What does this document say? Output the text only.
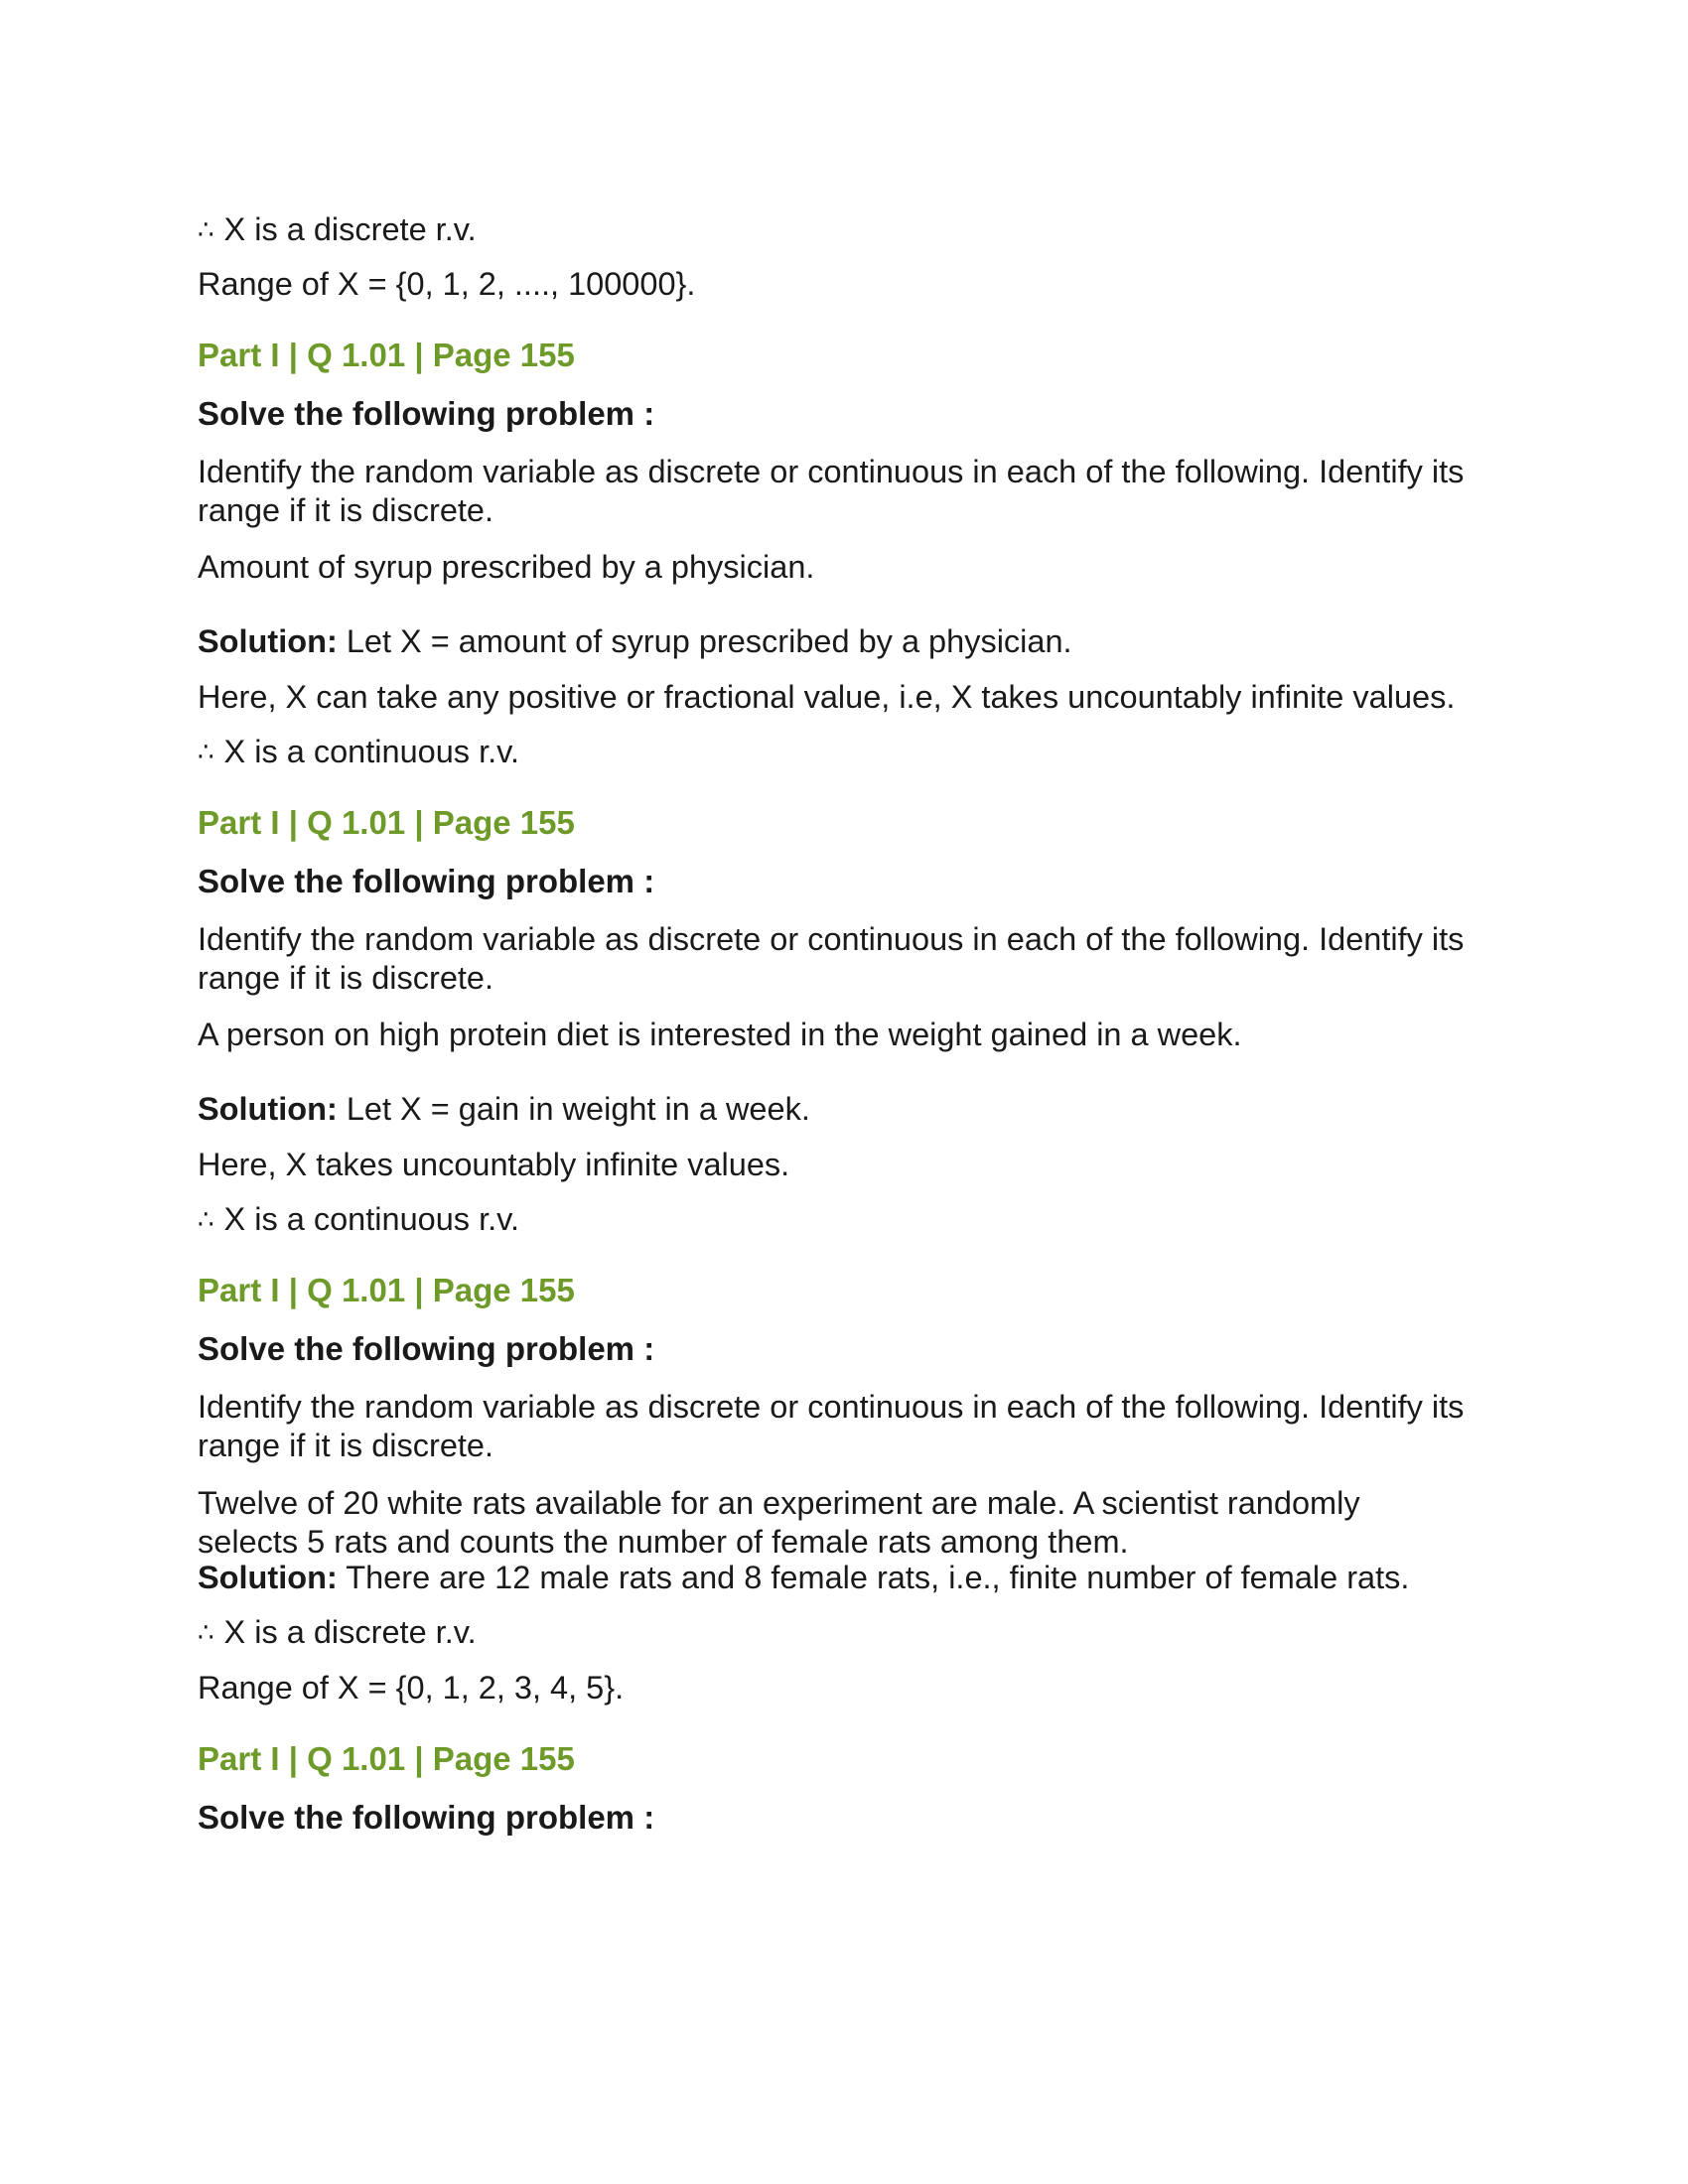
∴ X is a discrete r.v.

Range of X = {0, 1, 2, ...., 100000}.

Part I | Q 1.01 | Page 155

Solve the following problem :

Identify the random variable as discrete or continuous in each of the following. Identify its range if it is discrete.

Amount of syrup prescribed by a physician.

Solution: Let X = amount of syrup prescribed by a physician.

Here, X can take any positive or fractional value, i.e, X takes uncountably infinite values.

∴ X is a continuous r.v.

Part I | Q 1.01 | Page 155

Solve the following problem :

Identify the random variable as discrete or continuous in each of the following. Identify its range if it is discrete.

A person on high protein diet is interested in the weight gained in a week.

Solution: Let X = gain in weight in a week.

Here, X takes uncountably infinite values.

∴ X is a continuous r.v.

Part I | Q 1.01 | Page 155

Solve the following problem :

Identify the random variable as discrete or continuous in each of the following. Identify its range if it is discrete.

Twelve of 20 white rats available for an experiment are male. A scientist randomly selects 5 rats and counts the number of female rats among them.

Solution: There are 12 male rats and 8 female rats, i.e., finite number of female rats.

∴ X is a discrete r.v.

Range of X = {0, 1, 2, 3, 4, 5}.

Part I | Q 1.01 | Page 155

Solve the following problem :
